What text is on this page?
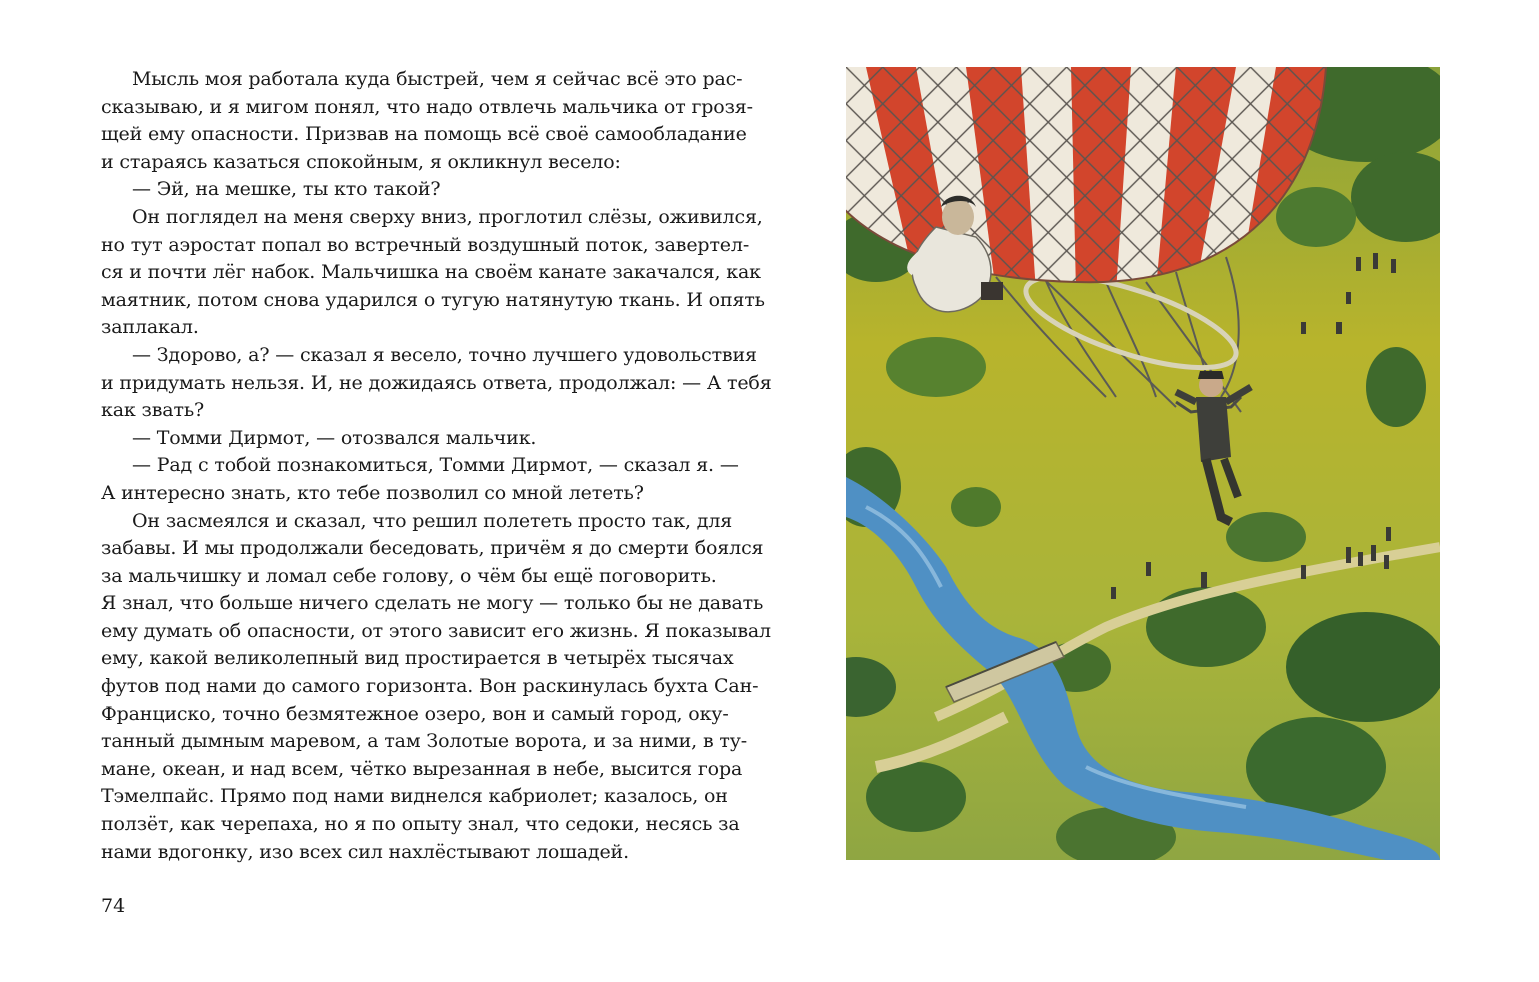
Мысль моя работала куда быстрей, чем я сейчас всё это рас-
сказываю, и я мигом понял, что надо отвлечь мальчика от грозя-
щей ему опасности. Призвав на помощь всё своё самообладание
и стараясь казаться спокойным, я окликнул весело:
— Эй, на мешке, ты кто такой?
Он поглядел на меня сверху вниз, проглотил слёзы, оживился,
но тут аэростат попал во встречный воздушный поток, завертел-
ся и почти лёг набок. Мальчишка на своём канате закачался, как
маятник, потом снова ударился о тугую натянутую ткань. И опять
заплакал.
— Здорово, а? — сказал я весело, точно лучшего удовольствия
и придумать нельзя. И, не дожидаясь ответа, продолжал: — А тебя
как звать?
— Томми Дирмот, — отозвался мальчик.
— Рад с тобой познакомиться, Томми Дирмот, — сказал я. —
А интересно знать, кто тебе позволил со мной лететь?
Он засмеялся и сказал, что решил полететь просто так, для
забавы. И мы продолжали беседовать, причём я до смерти боялся
за мальчишку и ломал себе голову, о чём бы ещё поговорить.
Я знал, что больше ничего сделать не могу — только бы не давать
ему думать об опасности, от этого зависит его жизнь. Я показывал
ему, какой великолепный вид простирается в четырёх тысячах
футов под нами до самого горизонта. Вон раскинулась бухта Сан-
Франциско, точно безмятежное озеро, вон и самый город, оку-
танный дымным маревом, а там Золотые ворота, и за ними, в ту-
мане, океан, и над всем, чётко вырезанная в небе, высится гора
Тэмелпайс. Прямо под нами виднелся кабриолет; казалось, он
ползёт, как черепаха, но я по опыту знал, что седоки, несясь за
нами вдогонку, изо всех сил нахлёстывают лошадей.
74
